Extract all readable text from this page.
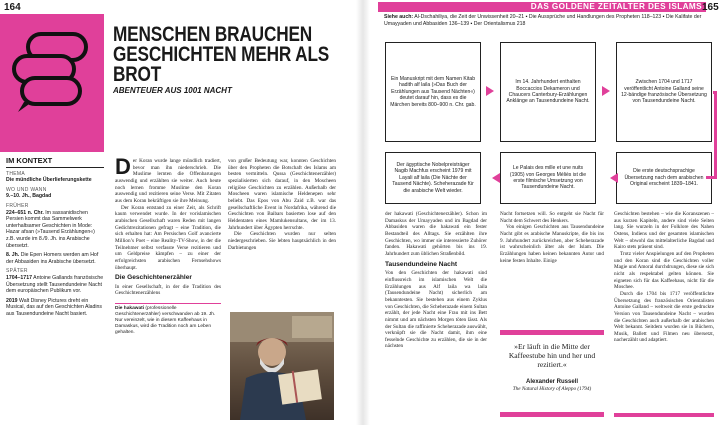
164
MENSCHEN BRAUCHEN GESCHICHTEN MEHR ALS BROT
ABENTEUER AUS 1001 NACHT
IM KONTEXT
THEMA
Die mündliche Überlieferungskette
WO UND WANN
9.–10. Jh., Bagdad
FRÜHER
224–651 n. Chr. Im sassanidischen Persien kommt das Sammelwerk unterhaltsamer Geschichten in Mode: Hazar afsan (»Tausend Erzählungen«) z.B. wurde im 8./9. Jh. ins Arabische übersetzt.
8. Jh. Die Epen Homers werden am Hof der Abbasiden ins Arabische übersetzt.
SPÄTER
1704–1717 Antoine Gallands französische Übersetzung stellt Tausendundeine Nacht dem europäischen Publikum vor.
2019 Walt Disney Pictures dreht ein Musical, das auf den Geschichten Aladins aus Tausendundeine Nacht basiert.

Der Koran wurde lange mündlich tradiert, bevor man ihn niederschrieb. Die Muslime lernten die Offenbarungen auswendig und erzählten sie weiter. Auch heute noch lernen fromme Muslime den Koran auswendig und rezitieren seine Verse. Mit Zitaten aus dem Koran bekräftigen sie ihre Meinung.

Der Koran entstand zu einer Zeit, als Schrift kaum verwendet wurde. In der vorislamischen arabischen Gesellschaft waren Reden mit langen Gedichtrezitationen gefragt – eine Tradition, die sich erhalten hat: Am Persischen Golf avancierte Million’s Poet – eine Reality-TV-Show, in der die Teilnehmer selbst verfasste Verse rezitieren und um Geldpreise kämpfen – zu einer der erfolgreichsten arabischen Fernsehshows überhaupt.

Die Geschichtenerzähler

In einer Gesellschaft, in der die Tradition des Geschichtenerzählens

Die hakawati (professionelle Geschichtenerzähler) verschwanden ab 19. Jh. Nur vereinzelt, wie in diesem Kaffeehaus in Damaskus, wird die Tradition noch am Leben gehalten.

von großer Bedeutung war, konnten Geschichten über den Propheten die Botschaft des Islams am besten vermitteln. Qussa (Geschichtenerzähler) spezialisierten sich darauf, in den Moscheen religiöse Geschichten zu erzählen. Außerhalb der Moscheen waren islamische Heldenepen sehr beliebt. Das Epos von Abu Zaid z.B. war das gesellschaftliche Event in Nordafrika, während die Geschichten von Baibars basierten lose auf den Heldentaten eines Mamlukensultans, der im 13. Jahrhundert über Ägypten herrschte.

Die Geschichten wurden nur selten niedergeschrieben. Sie lebten hauptsächlich in den Darbietungen

DAS GOLDENE ZEITALTER DES ISLAMS 165
Siehe auch: Al-Dschahiliya, die Zeit der Unwissenheit 20–21 ▪ Die Aussprüche und Handlungen des Propheten 118–123 ▪ Die Kalifate der Umayyaden und Abbasiden 136–139 ▪ Der Orientalismus 218
Ein Manuskript mit dem Namen Kitab hadith alf laila (»Das Buch der Erzählungen aus Tausend Nächten«) deutet darauf hin, dass es die Märchen bereits 800–900 n. Chr. gab.
Im 14. Jahrhundert enthalten Boccaccios Dekameron und Chaucers Canterbury-Erzählungen Anklänge an Tausendundeine Nacht.
Zwischen 1704 und 1717 veröffentlicht Antoine Galland seine 12-bändige französische Übersetzung von Tausendundeine Nacht.
Der ägyptische Nobelpreisträger Nagib Machfus erscheint 1979 mit Layali alf laila (Die Nächte der Tausend Nächte). Scheherazade für die arabische Welt wieder.
Le Palais des mille et une nuits (1905) von Georges Méliès ist die erste filmische Umsetzung von Tausendundeine Nacht.
Die erste deutschsprachige Übersetzung nach dem arabischen Original erscheint 1839–1841.

der hakawati (Geschichtenerzähler). Schon im Damaskus der Umayyaden und im Bagdad der Abbasiden waren die hakawati ein fester Bestandteil des Alltags. Sie erzählten ihre Geschichten, wo immer sie interessierte Zuhörer fanden. Hakawati gehörten bis ins 19. Jahrhundert zum üblichen Straßenbild.

Tausendundeine Nacht

Von den Geschichten der hakawati sind einflussreich im islamischen Welt die Erzählungen aus Alf laila wa laila (Tausendundeine Nacht) sicherlich am bekanntesten. Sie bestehen aus einem Zyklus von Geschichten, die Scheherazade einem Sultan erzählt, der jede Nacht eine Frau mit ins Bett nimmt und am nächsten Morgen töten lässt. Als der Sultan die raffinierte Scheherazade auswählt, verknüpft sie die Nacht damit, ihm eine fesselnde Geschichte zu erzählen, die sie in der nächsten

Nacht fortsetzen will. So entgeht sie Nacht für Nacht dem Schwert des Henkers.

Von einigen Geschichten aus Tausendundeine Nacht gibt es arabische Manuskripte, die bis ins 9. Jahrhundert zurückreichen, aber Scheherazade ist wahrscheinlich älter als der Islam. Die Erzählungen haben keinen bekannten Autor und keine festen Inhalte. Einige

»Er läuft in die Mitte der Kaffeestube hin und her und rezitiert.«
Alexander Russell
The Natural History of Aleppo (1794)

Geschichten bestehen – wie die Koranszenen – aus kurzen Kapiteln, andere sind viele Seiten lang. Sie wurzeln in der Folklore des Nahen Ostens, Indiens und der gesamten islamischen Welt – obwohl das mittelalterliche Bagdad und Kairo stets präsent sind.

Trotz vieler Anspielungen auf den Propheten und den Koran sind die Geschichten voller Magie und Amoral durchdrungen, diese sie sich nicht als respektabel gelten können. Sie eigneten sich für das Kaffeehaus, nicht für die Moschee.

Durch die 1704 bis 1717 veröffentlichte Übersetzung des französischen Orientalisten Antoine Galland – weltweit die erste gedruckte Version von Tausendundeine Nacht – wurden die Geschichten auch außerhalb der arabischen Welt bekannt. Seitdem wurden sie in Büchern, Musik, Ballett und Filmen neu übersetzt, nacherzählt und adaptiert.
